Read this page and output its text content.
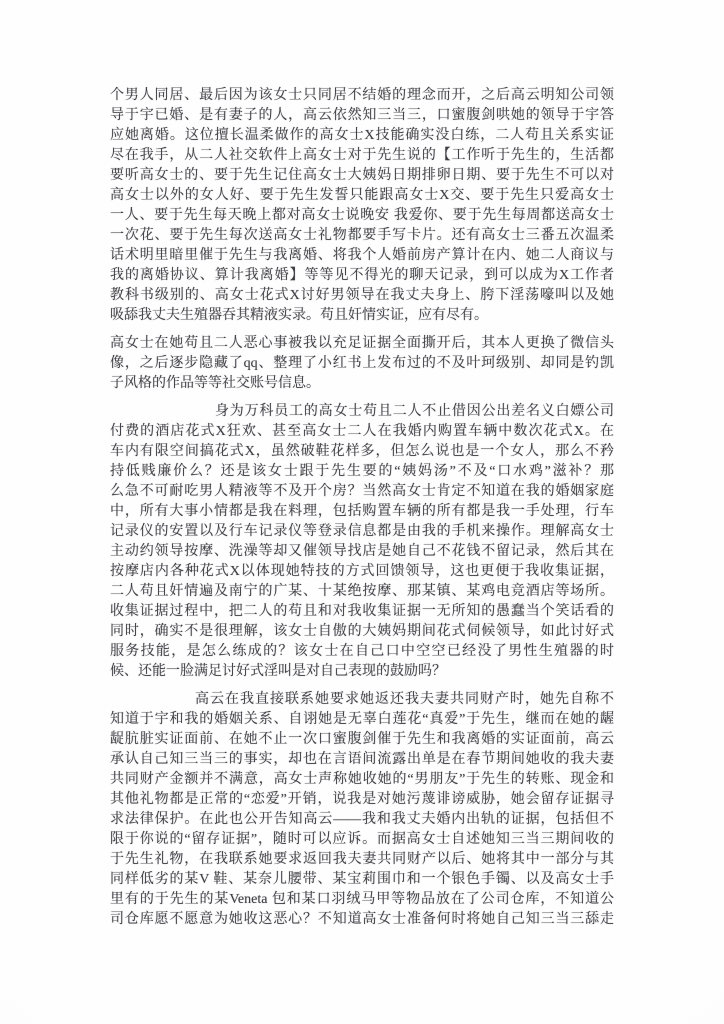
个男人同居、最后因为该女士只同居不结婚的理念而开，之后高云明知公司领
导于宇已婚、是有妻子的人，高云依然知三当三，口蜜腹剑哄她的领导于宇答
应她离婚。这位擅长温柔做作的高女士X技能确实没白练，二人苟且关系实证
尽在我手，从二人社交软件上高女士对于先生说的【工作听于先生的，生活都
要听高女士的、要于先生记住高女士大姨妈日期排卵日期、要于先生不可以对
高女士以外的女人好、要于先生发誓只能跟高女士X交、要于先生只爱高女士
一人、要于先生每天晚上都对高女士说晚安 我爱你、要于先生每周都送高女士
一次花、要于先生每次送高女士礼物都要手写卡片。还有高女士三番五次温柔
话术明里暗里催于先生与我离婚、将我个人婚前房产算计在内、她二人商议与
我的离婚协议、算计我离婚】等等见不得光的聊天记录，到可以成为X工作者
教科书级别的、高女士花式X讨好男领导在我丈夫身上、胯下淫荡嚎叫以及她
吸舔我丈夫生殖器吞其精液实录。苟且奸情实证，应有尽有。
高女士在她苟且二人恶心事被我以充足证据全面撕开后，其本人更换了微信头
像，之后逐步隐藏了qq、整理了小红书上发布过的不及叶珂级别、却同是钓凯
子风格的作品等等社交账号信息。
身为万科员工的高女士苟且二人不止借因公出差名义白嫖公司
付费的酒店花式X狂欢、甚至高女士二人在我婚内购置车辆中数次花式X。在
车内有限空间搞花式X，虽然破鞋花样多，但怎么说也是一个女人，那么不矜
持低贱廉价么？还是该女士跟于先生要的“姨妈汤”不及“口水鸡”滋补？那
么急不可耐吃男人精液等不及开个房？当然高女士肯定不知道在我的婚姻家庭
中，所有大事小情都是我在料理，包括购置车辆的所有都是我一手处理，行车
记录仪的安置以及行车记录仪等登录信息都是由我的手机来操作。理解高女士
主动约领导按摩、洗澡等却又催领导找店是她自己不花钱不留记录，然后其在
按摩店内各种花式X以体现她特技的方式回馈领导，这也更便于我收集证据，
二人苟且奸情遍及南宁的广某、十某绝按摩、那某镇、某鸡电竞酒店等场所。
收集证据过程中，把二人的苟且和对我收集证据一无所知的愚蠢当个笑话看的
同时，确实不是很理解，该女士自傲的大姨妈期间花式伺候领导，如此讨好式
服务技能，是怎么练成的？该女士在自己口中空空已经没了男性生殖器的时
候、还能一脸满足讨好式淫叫是对自己表现的鼓励吗？
高云在我直接联系她要求她返还我夫妻共同财产时，她先自称不
知道于宇和我的婚姻关系、自诩她是无辜白莲花“真爱”于先生，继而在她的龌
龊肮脏实证面前、在她不止一次口蜜腹剑催于先生和我离婚的实证面前，高云
承认自己知三当三的事实，却也在言语间流露出单是在春节期间她收的我夫妻
共同财产金额并不满意，高女士声称她收她的“男朋友”于先生的转账、现金和
其他礼物都是正常的“恋爱”开销，说我是对她污蔑诽谤威胁，她会留存证据寻
求法律保护。在此也公开告知高云——我和我丈夫婚内出轨的证据，包括但不
限于你说的“留存证据”，随时可以应诉。而据高女士自述她知三当三期间收的
于先生礼物，在我联系她要求返回我夫妻共同财产以后、她将其中一部分与其
同样低劣的某V 鞋、某奈儿腰带、某宝莉围巾和一个银色手镯、以及高女士手
里有的于先生的某Veneta 包和某口羽绒马甲等物品放在了公司仓库，不知道公
司仓库愿不愿意为她收这恶心？不知道高女士准备何时将她自己知三当三舔走
